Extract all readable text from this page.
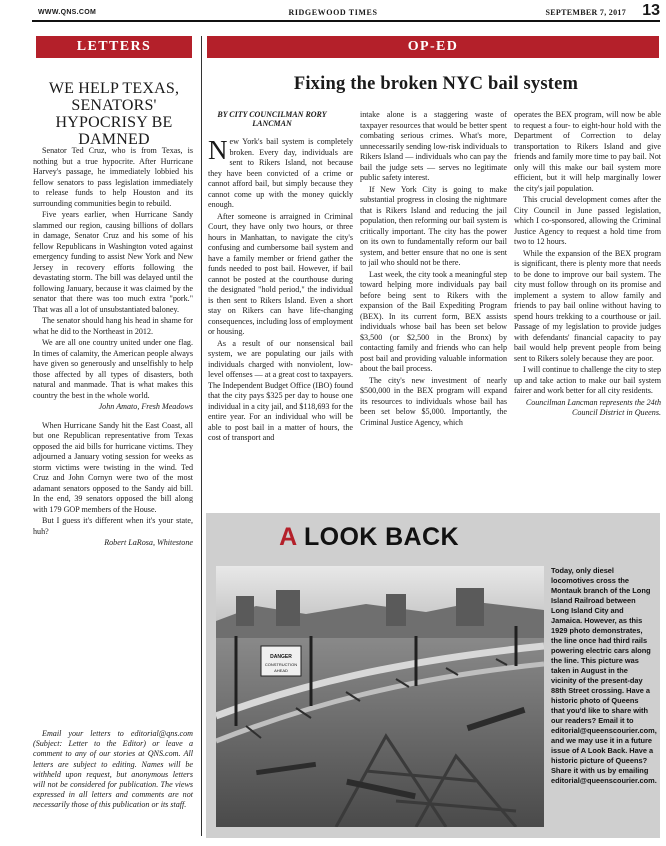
WWW.QNS.COM	RIDGEWOOD TIMES	SEPTEMBER 7, 2017 13
LETTERS
WE HELP TEXAS, SENATORS' HYPOCRISY BE DAMNED

Senator Ted Cruz, who is from Texas, is nothing but a true hypocrite. After Hurricane Harvey's passage, he immediately lobbied his fellow senators to pass legislation immediately to release funds to help Houston and its surrounding communities begin to rebuild.

Five years earlier, when Hurricane Sandy slammed our region, causing billions of dollars in damage, Senator Cruz and his some of his fellow Republicans in Washington voted against emergency funding to assist New York and New Jersey in recovery efforts following the devastating storm. The bill was delayed until the following January, because it was claimed by the senator that there was too much extra "pork." That was all a lot of unsubstantiated baloney.

The senator should hang his head in shame for what he did to the Northeast in 2012.

We are all one country united under one flag. In times of calamity, the American people always have given so generously and unselfishly to help those affected by all types of disasters, both natural and manmade. That is what makes this country the best in the whole world.

John Amato, Fresh Meadows

When Hurricane Sandy hit the East Coast, all but one Republican representative from Texas opposed the aid bills for hurricane victims. They adjourned a January voting session for weeks as storm victims were twisting in the wind. Ted Cruz and John Cornyn were two of the most adamant senators opposed to the Sandy aid bill. In the end, 39 senators opposed the bill along with 179 GOP members of the House.

But I guess it's different when it's your state, huh?

Robert LaRosa, Whitestone

Email your letters to editorial@qns.com (Subject: Letter to the Editor) or leave a comment to any of our stories at QNS.com. All letters are subject to editing. Names will be withheld upon request, but anonymous letters will not be considered for publication. The views expressed in all letters and comments are not necessarily those of this publication or its staff.

OP-ED
Fixing the broken NYC bail system
BY CITY COUNCILMAN RORY LANCMAN

New York's bail system is completely broken. Every day, individuals are sent to Rikers Island, not because they have been convicted of a crime or cannot afford bail, but simply because they cannot come up with the money quickly enough.

After someone is arraigned in Criminal Court, they have only two hours, or three hours in Manhattan, to navigate the city's confusing and cumbersome bail system and have a family member or friend gather the funds needed to post bail. However, if bail cannot be posted at the courthouse during the designated "hold period," the individual is then sent to Rikers Island. Even a short stay on Rikers can have life-changing consequences, including loss of employment or housing.

As a result of our nonsensical bail system, we are populating our jails with individuals charged with nonviolent, low-level offenses — at a great cost to taxpayers. The Independent Budget Office (IBO) found that the city pays $325 per day to house one individual in a city jail, and $118,693 for the entire year. For an individual who will be able to post bail in a matter of hours, the cost of transport and

intake alone is a staggering waste of taxpayer resources that would be better spent combating serious crimes. What's more, unnecessarily sending low-risk individuals to Rikers Island — individuals who can pay the bail the judge sets — serves no legitimate public safety interest.

If New York City is going to make substantial progress in closing the nightmare that is Rikers Island and reducing the jail population, then reforming our bail system is critically important. The city has the power on its own to fundamentally reform our bail system, and better ensure that no one is sent to jail who should not be there.

Last week, the city took a meaningful step toward helping more individuals pay bail before being sent to Rikers with the expansion of the Bail Expediting Program (BEX). In its current form, BEX assists individuals whose bail has been set below $3,500 (or $2,500 in the Bronx) by contacting family and friends who can help post bail and providing valuable information about the bail process.

The city's new investment of nearly $500,000 in the BEX program will expand its resources to individuals whose bail has been set below $5,000. Importantly, the Criminal Justice Agency, which

operates the BEX program, will now be able to request a four- to eight-hour hold with the Department of Correction to delay transportation to Rikers Island and give friends and family more time to pay bail. Not only will this make our bail system more efficient, but it will help marginally lower the city's jail population.

This crucial development comes after the City Council in June passed legislation, which I co-sponsored, allowing the Criminal Justice Agency to request a hold time from two to 12 hours.

While the expansion of the BEX program is significant, there is plenty more that needs to be done to improve our bail system. The city must follow through on its promise and implement a system to allow family and friends to pay bail online without having to spend hours trekking to a courthouse or jail. Passage of my legislation to provide judges with defendants' financial capacity to pay bail would help prevent people from being sent to Rikers solely because they are poor.

I will continue to challenge the city to step up and take action to make our bail system fairer and work better for all city residents.

Councilman Lancman represents the 24th Council District in Queens.

A LOOK BACK
DANGER
CONSTRUCTION
AHEAD
Today, only diesel locomotives cross the Montauk branch of the Long Island Railroad between Long Island City and Jamaica. However, as this 1929 photo demonstrates, the line once had third rails powering electric cars along the line. This picture was taken in August in the vicinity of the present-day 88th Street crossing. Have a historic photo of Queens that you'd like to share with our readers? Email it to editorial@queenscourier.com, and we may use it in a future issue of A Look Back. Have a historic picture of Queens? Share it with us by emailing editorial@queenscourier.com.
